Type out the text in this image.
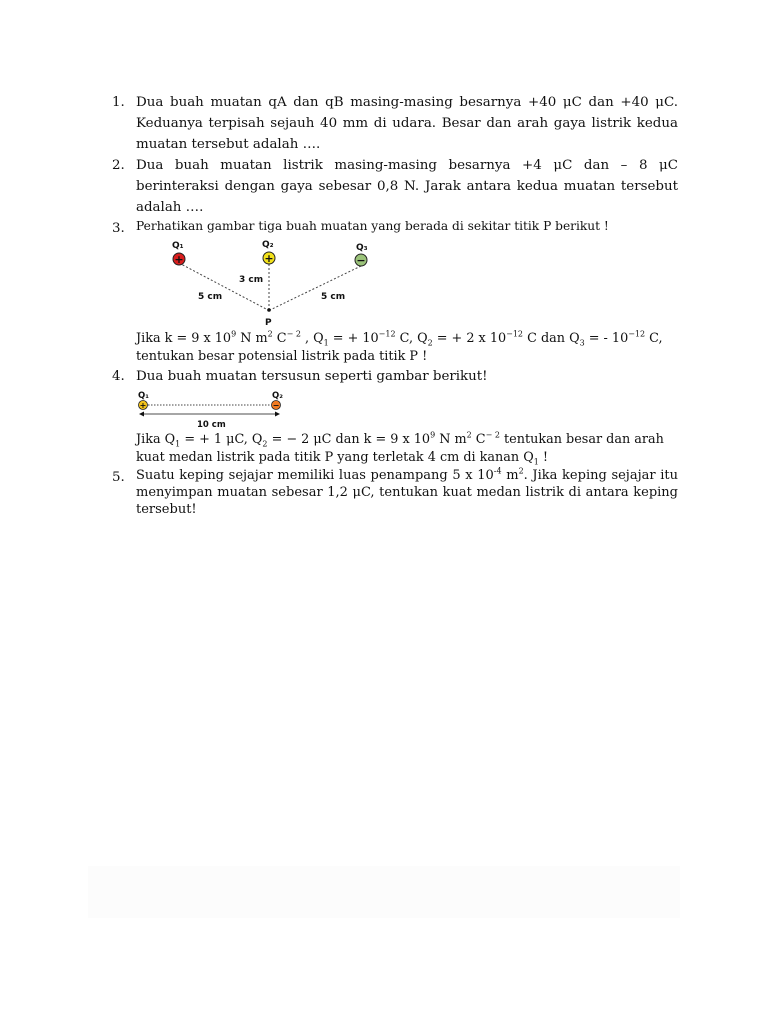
1. Dua buah muatan qA dan qB masing-masing besarnya +40 μC dan +40 μC. Keduanya terpisah sejauh 40 mm di udara. Besar dan arah gaya listrik kedua muatan tersebut adalah ….
2. Dua buah muatan listrik masing-masing besarnya +4 μC dan – 8 μC berinteraksi dengan gaya sebesar 0,8 N. Jarak antara kedua muatan tersebut adalah ….
3. Perhatikan gambar tiga buah muatan yang berada di sekitar titik P berikut !
Q₁	Q₂	Q₃
+	+	−
3 cm
5 cm	5 cm
P
Jika k = 9 x $10^9$ N $m^2$ $C^{- 2}$ , $Q_1$ = + $10^{-12}$ C, $Q_2$ = + 2 x $10^{-12}$ C dan $Q_3$ = - $10^{-12}$ C, tentukan besar potensial listrik pada titik P !
4. Dua buah muatan tersusun seperti gambar berikut!
Q₁	Q₂
+	−
10 cm
Jika $Q_1$ = + 1 μC, $Q_2$ = − 2 μC dan k = 9 x $10^9$ N $m^2$ $C^{- 2}$ tentukan besar dan arah kuat medan listrik pada titik P yang terletak 4 cm di kanan $Q_1$ !
5. Suatu keping sejajar memiliki luas penampang 5 x $10^{-4}$ $m^2$. Jika keping sejajar itu menyimpan muatan sebesar 1,2 μC, tentukan kuat medan listrik di antara keping tersebut!
